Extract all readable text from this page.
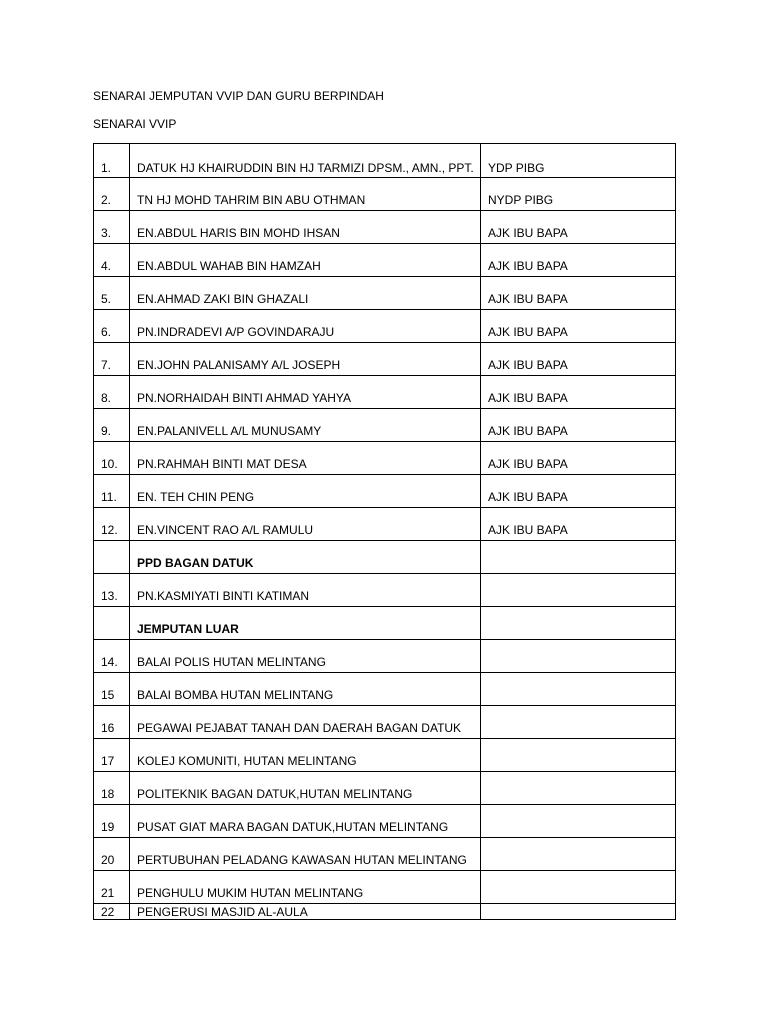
SENARAI JEMPUTAN VVIP DAN GURU BERPINDAH
SENARAI VVIP
1.	DATUK HJ KHAIRUDDIN BIN HJ TARMIZI DPSM., AMN., PPT.	YDP PIBG
2.	TN HJ MOHD TAHRIM BIN ABU OTHMAN	NYDP PIBG
3.	EN.ABDUL HARIS BIN MOHD IHSAN	AJK IBU BAPA
4.	EN.ABDUL WAHAB BIN HAMZAH	AJK IBU BAPA
5.	EN.AHMAD ZAKI BIN GHAZALI	AJK IBU BAPA
6.	PN.INDRADEVI A/P GOVINDARAJU	AJK IBU BAPA
7.	EN.JOHN PALANISAMY A/L JOSEPH	AJK IBU BAPA
8.	PN.NORHAIDAH BINTI AHMAD YAHYA	AJK IBU BAPA
9.	EN.PALANIVELL A/L MUNUSAMY	AJK IBU BAPA
10.	PN.RAHMAH BINTI MAT DESA	AJK IBU BAPA
11.	EN. TEH CHIN PENG	AJK IBU BAPA
12.	EN.VINCENT RAO A/L RAMULU	AJK IBU BAPA
	PPD BAGAN DATUK	
13.	PN.KASMIYATI BINTI KATIMAN	
	JEMPUTAN LUAR	
14.	BALAI POLIS HUTAN MELINTANG	
15	BALAI BOMBA HUTAN MELINTANG	
16	PEGAWAI PEJABAT TANAH DAN DAERAH BAGAN DATUK	
17	KOLEJ KOMUNITI, HUTAN MELINTANG	
18	POLITEKNIK BAGAN DATUK,HUTAN MELINTANG	
19	PUSAT GIAT MARA BAGAN DATUK,HUTAN MELINTANG	
20	PERTUBUHAN PELADANG KAWASAN HUTAN MELINTANG	
21	PENGHULU MUKIM HUTAN MELINTANG	
22	PENGERUSI MASJID AL-AULA	
